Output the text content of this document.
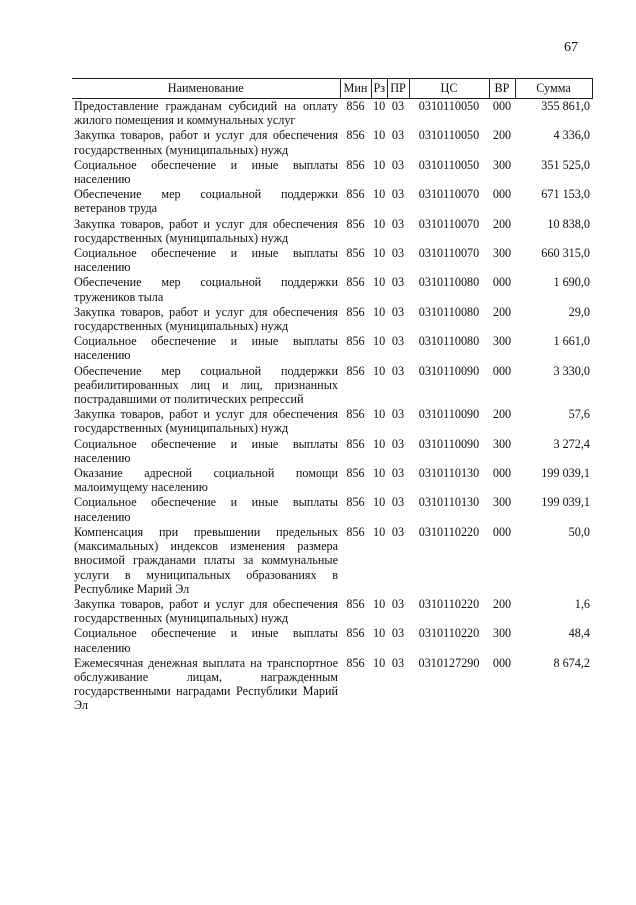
67
Наименование	Мин	Рз	ПР	ЦС	ВР	Сумма
Предоставление гражданам субсидий на оплату жилого помещения и коммунальных услуг	856	10	03	0310110050	000	355 861,0
Закупка товаров, работ и услуг для обеспечения государственных (муниципальных) нужд	856	10	03	0310110050	200	4 336,0
Социальное обеспечение и иные выплаты населению	856	10	03	0310110050	300	351 525,0
Обеспечение мер социальной поддержки ветеранов труда	856	10	03	0310110070	000	671 153,0
Закупка товаров, работ и услуг для обеспечения государственных (муниципальных) нужд	856	10	03	0310110070	200	10 838,0
Социальное обеспечение и иные выплаты населению	856	10	03	0310110070	300	660 315,0
Обеспечение мер социальной поддержки тружеников тыла	856	10	03	0310110080	000	1 690,0
Закупка товаров, работ и услуг для обеспечения государственных (муниципальных) нужд	856	10	03	0310110080	200	29,0
Социальное обеспечение и иные выплаты населению	856	10	03	0310110080	300	1 661,0
Обеспечение мер социальной поддержки реабилитированных лиц и лиц, признанных пострадавшими от политических репрессий	856	10	03	0310110090	000	3 330,0
Закупка товаров, работ и услуг для обеспечения государственных (муниципальных) нужд	856	10	03	0310110090	200	57,6
Социальное обеспечение и иные выплаты населению	856	10	03	0310110090	300	3 272,4
Оказание адресной социальной помощи малоимущему населению	856	10	03	0310110130	000	199 039,1
Социальное обеспечение и иные выплаты населению	856	10	03	0310110130	300	199 039,1
Компенсация при превышении предельных (максимальных) индексов изменения размера вносимой гражданами платы за коммунальные услуги в муниципальных образованиях в Республике Марий Эл	856	10	03	0310110220	000	50,0
Закупка товаров, работ и услуг для обеспечения государственных (муниципальных) нужд	856	10	03	0310110220	200	1,6
Социальное обеспечение и иные выплаты населению	856	10	03	0310110220	300	48,4
Ежемесячная денежная выплата на транспортное обслуживание лицам, награжденным государственными наградами Республики Марий Эл	856	10	03	0310127290	000	8 674,2
